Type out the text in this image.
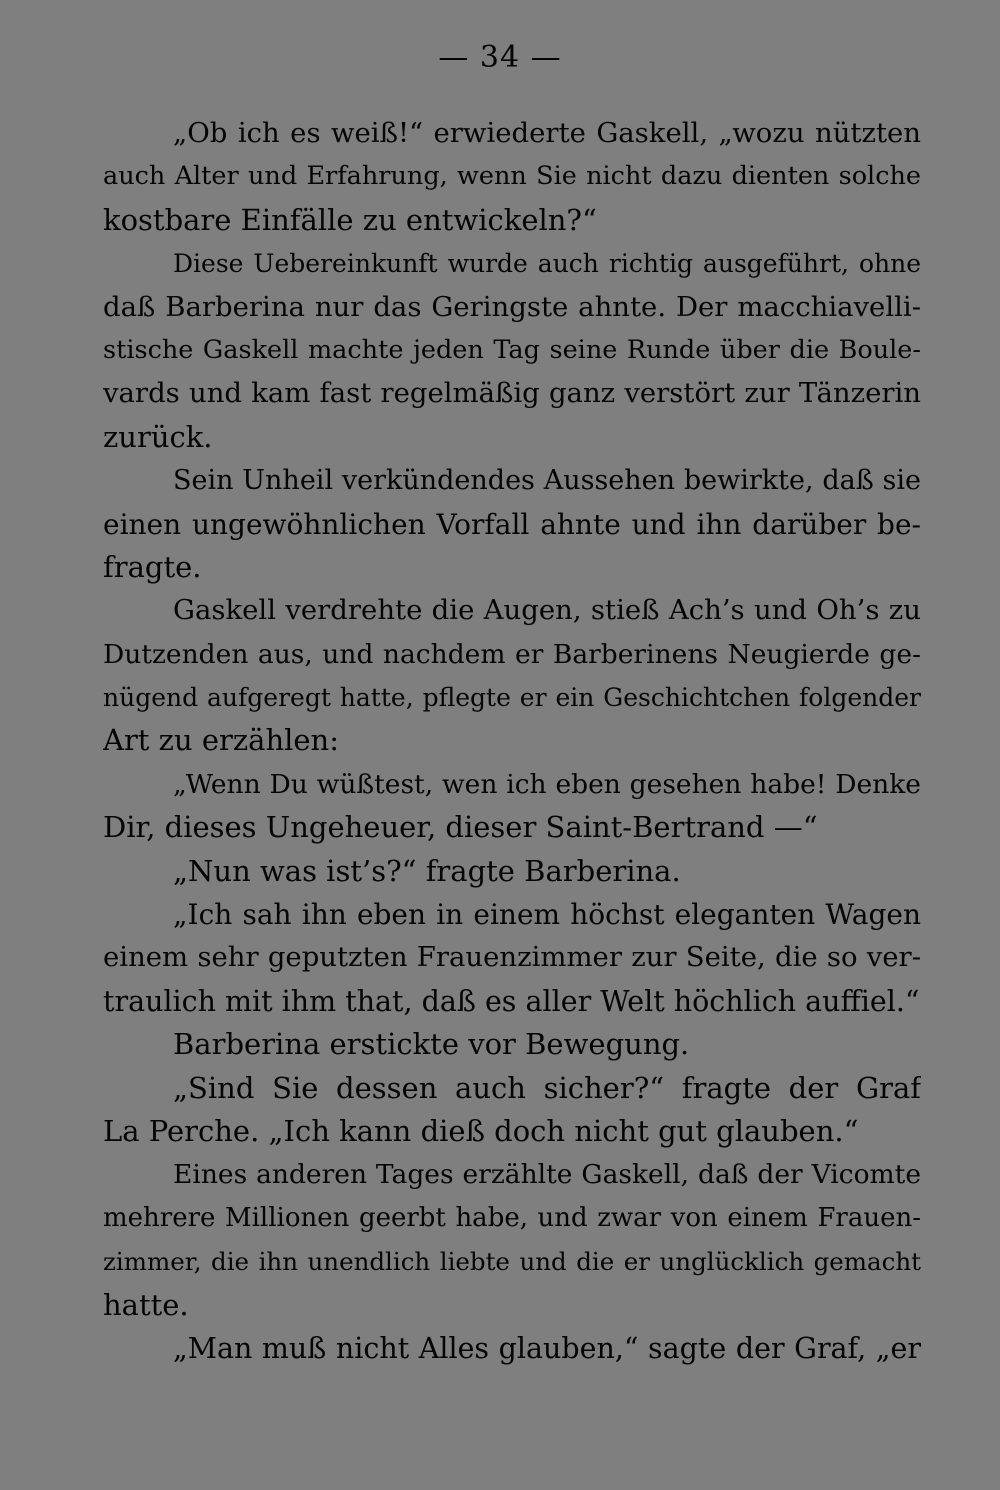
— 34 —
„Ob ich es weiß!“ erwiederte Gaskell, „wozu nützten
auch Alter und Erfahrung, wenn Sie nicht dazu dienten solche
kostbare Einfälle zu entwickeln?“
Diese Uebereinkunft wurde auch richtig ausgeführt, ohne
daß Barberina nur das Geringste ahnte. Der macchiavelli-
stische Gaskell machte jeden Tag seine Runde über die Boule-
vards und kam fast regelmäßig ganz verstört zur Tänzerin
zurück.
Sein Unheil verkündendes Aussehen bewirkte, daß sie
einen ungewöhnlichen Vorfall ahnte und ihn darüber be-
fragte.
Gaskell verdrehte die Augen, stieß Ach’s und Oh’s zu
Dutzenden aus, und nachdem er Barberinens Neugierde ge-
nügend aufgeregt hatte, pflegte er ein Geschichtchen folgender
Art zu erzählen:
„Wenn Du wüßtest, wen ich eben gesehen habe! Denke
Dir, dieses Ungeheuer, dieser Saint-Bertrand —“
„Nun was ist’s?“ fragte Barberina.
„Ich sah ihn eben in einem höchst eleganten Wagen
einem sehr geputzten Frauenzimmer zur Seite, die so ver-
traulich mit ihm that, daß es aller Welt höchlich auffiel.“
Barberina erstickte vor Bewegung.
„Sind Sie dessen auch sicher?“ fragte der Graf
La Perche. „Ich kann dieß doch nicht gut glauben.“
Eines anderen Tages erzählte Gaskell, daß der Vicomte
mehrere Millionen geerbt habe, und zwar von einem Frauen-
zimmer, die ihn unendlich liebte und die er unglücklich gemacht
hatte.
„Man muß nicht Alles glauben,“ sagte der Graf, „er
